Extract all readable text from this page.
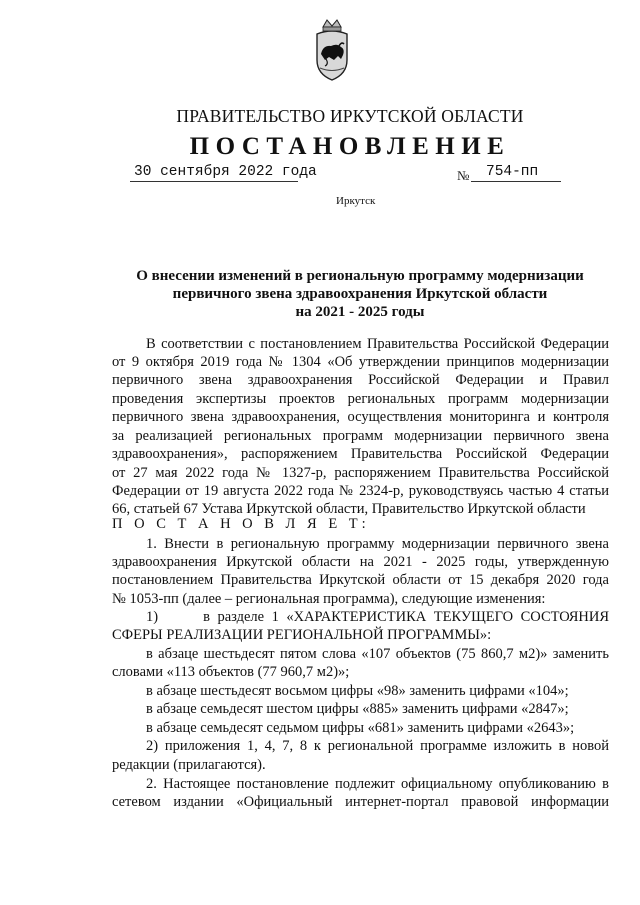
ПРАВИТЕЛЬСТВО ИРКУТСКОЙ ОБЛАСТИ
ПОСТАНОВЛЕНИЕ
30 сентября 2022 года	№ 754-пп
Иркутск
О внесении изменений в региональную программу модернизации
первичного звена здравоохранения Иркутской области
на 2021 - 2025 годы
В соответствии с постановлением Правительства Российской Федерации
от 9 октября 2019 года № 1304 «Об утверждении принципов модернизации
первичного звена здравоохранения Российской Федерации и Правил
проведения экспертизы проектов региональных программ модернизации
первичного звена здравоохранения, осуществления мониторинга и контроля
за реализацией региональных программ модернизации первичного звена
здравоохранения», распоряжением Правительства Российской Федерации
от 27 мая 2022 года № 1327-р, распоряжением Правительства Российской
Федерации от 19 августа 2022 года № 2324-р, руководствуясь частью 4 статьи
66, статьей 67 Устава Иркутской области, Правительство Иркутской области
П О С Т А Н О В Л Я Е Т:
1. Внести в региональную программу модернизации первичного звена
здравоохранения Иркутской области на 2021 - 2025 годы, утвержденную
постановлением Правительства Иркутской области от 15 декабря 2020 года
№ 1053-пп (далее – региональная программа), следующие изменения:
1)      в разделе 1 «ХАРАКТЕРИСТИКА ТЕКУЩЕГО СОСТОЯНИЯ
СФЕРЫ РЕАЛИЗАЦИИ РЕГИОНАЛЬНОЙ ПРОГРАММЫ»:
в абзаце шестьдесят пятом слова «107 объектов (75 860,7 м2)» заменить
словами «113 объектов (77 960,7 м2)»;
в абзаце шестьдесят восьмом цифры «98» заменить цифрами «104»;
в абзаце семьдесят шестом цифры «885» заменить цифрами «2847»;
в абзаце семьдесят седьмом цифры «681» заменить цифрами «2643»;
2) приложения 1, 4, 7, 8 к региональной программе изложить в новой
редакции (прилагаются).
2. Настоящее постановление подлежит официальному опубликованию в
сетевом издании «Официальный интернет-портал правовой информации
